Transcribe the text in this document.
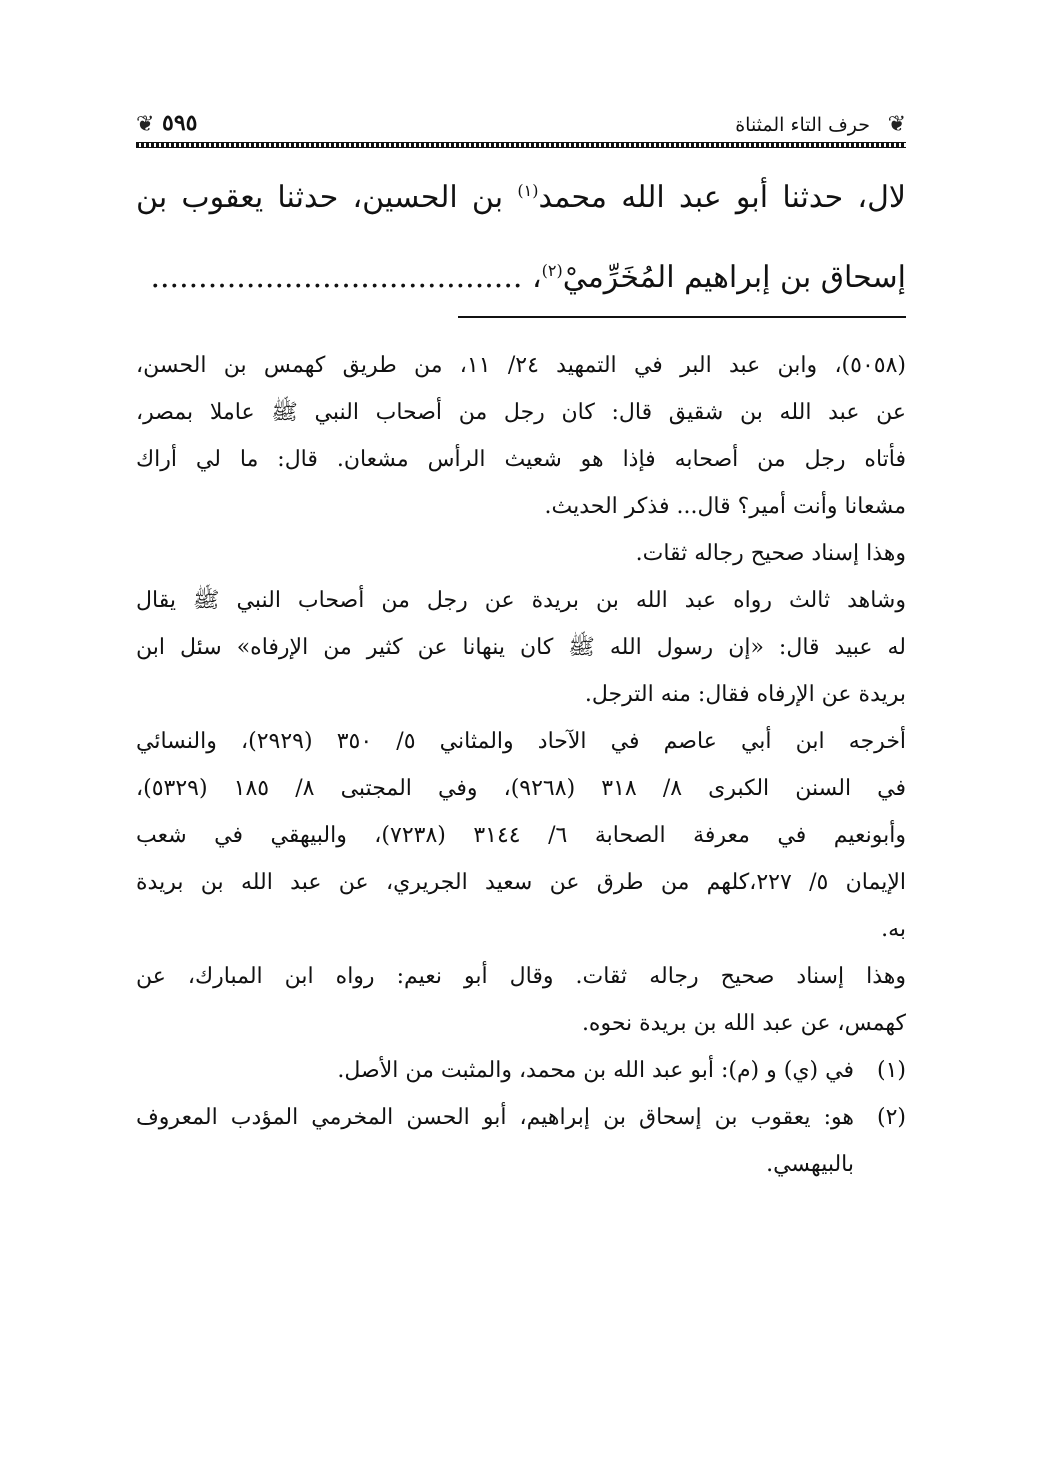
❦
حرف التاء المثناة
٥٩٥
❦
لال، حدثنا أبو عبد الله محمد$^{(١)}$ بن الحسين، حدثنا يعقوب بن
إسحاق بن إبراهيم المُخَرِّميْ$^{(٢)}$، .......................................
(٥٠٥٨)، وابن عبد البر في التمهيد ٢٤/ ١١، من طريق كهمس بن الحسن،
عن عبد الله بن شقيق قال: كان رجل من أصحاب النبي ﷺ عاملا بمصر،
فأتاه رجل من أصحابه فإذا هو شعيث الرأس مشعان. قال: ما لي أراك
مشعانا وأنت أمير؟ قال... فذكر الحديث.
وهذا إسناد صحيح رجاله ثقات.
وشاهد ثالث رواه عبد الله بن بريدة عن رجل من أصحاب النبي ﷺ يقال
له عبيد قال: «إن رسول الله ﷺ كان ينهانا عن كثير من الإرفاه» سئل ابن
بريدة عن الإرفاه فقال: منه الترجل.
أخرجه ابن أبي عاصم في الآحاد والمثاني ٥/ ٣٥٠ (٢٩٢٩)، والنسائي
في السنن الكبرى ٨/ ٣١٨ (٩٢٦٨)، وفي المجتبى ٨/ ١٨٥ (٥٣٢٩)،
وأبونعيم في معرفة الصحابة ٦/ ٣١٤٤ (٧٢٣٨)، والبيهقي في شعب
الإيمان ٥/ ٢٢٧،كلهم من طرق عن سعيد الجريري، عن عبد الله بن بريدة
به.
وهذا إسناد صحيح رجاله ثقات. وقال أبو نعيم: رواه ابن المبارك، عن
كهمس، عن عبد الله بن بريدة نحوه.
(١)
في (ي) و (م): أبو عبد الله بن محمد، والمثبت من الأصل.
(٢)
هو: يعقوب بن إسحاق بن إبراهيم، أبو الحسن المخرمي المؤدب المعروف
بالبيهسي.
